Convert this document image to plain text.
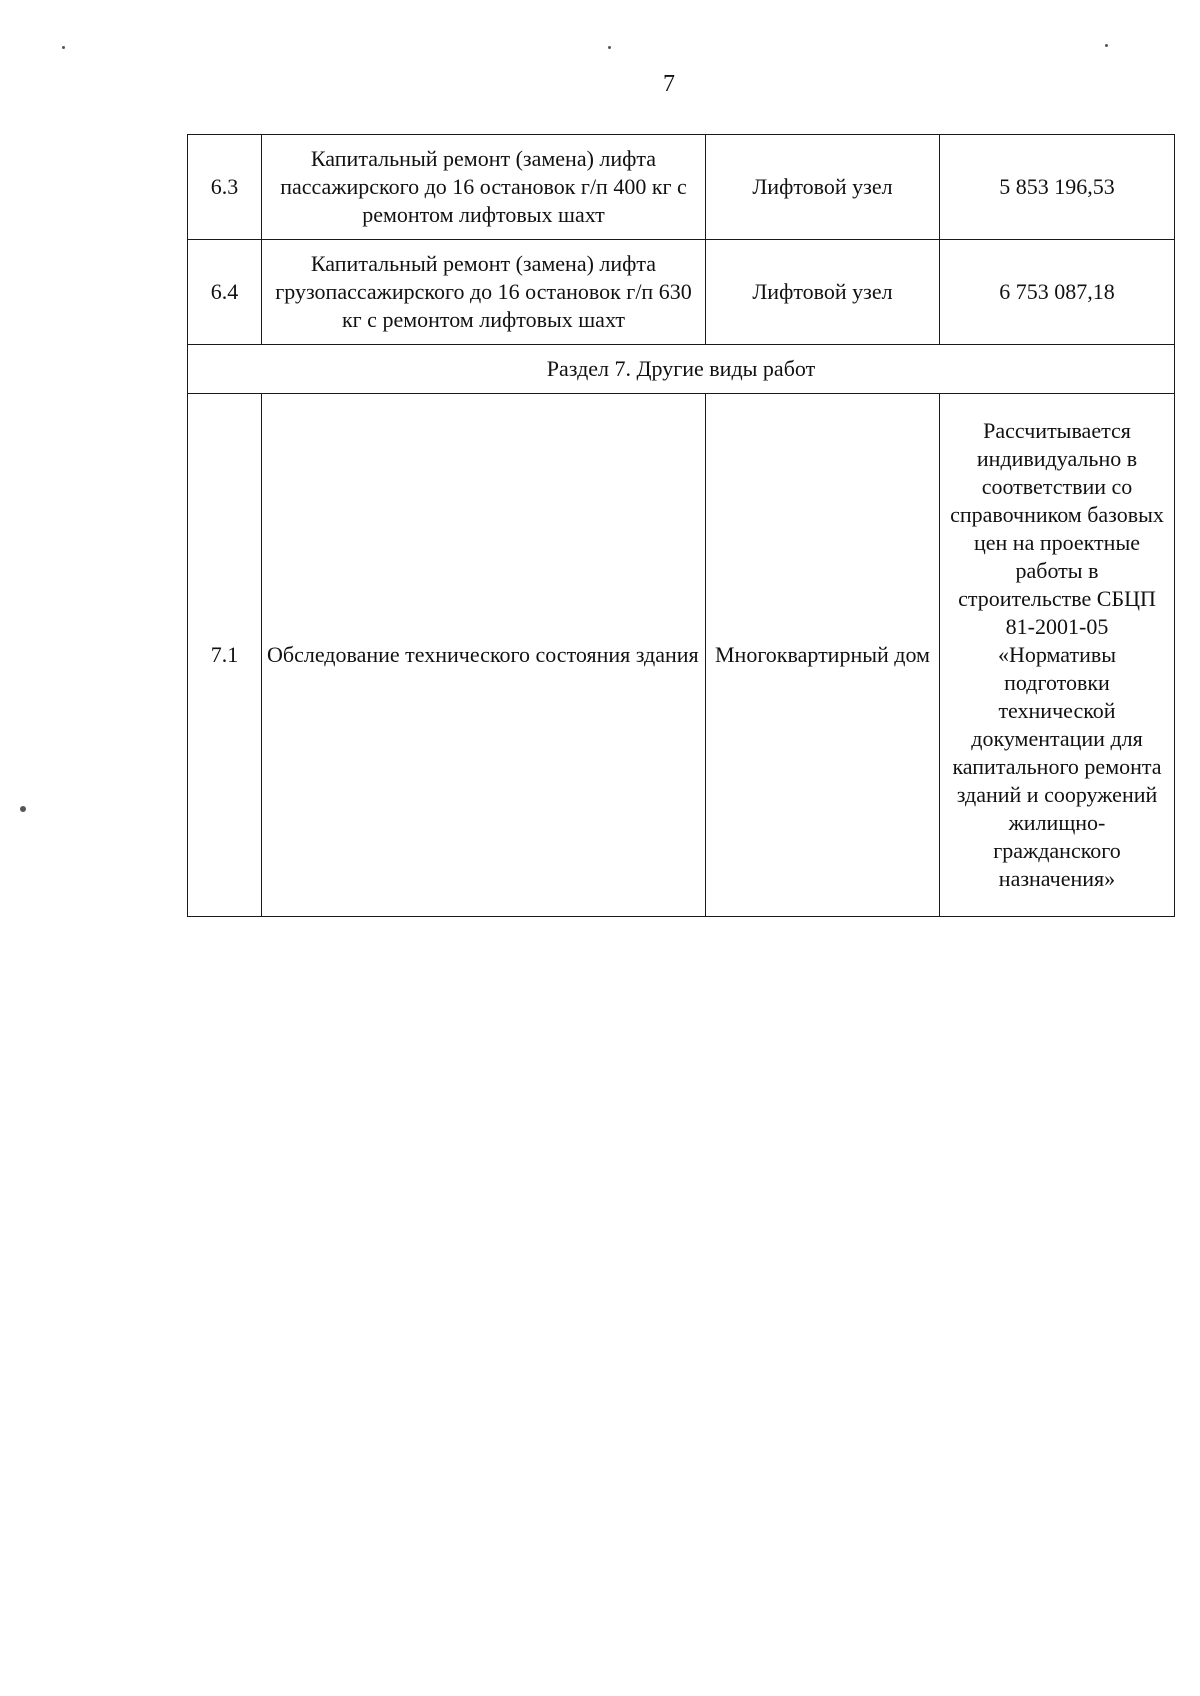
7
6.3	Капитальный ремонт (замена) лифта пассажирского до 16 остановок г/п 400 кг с ремонтом лифтовых шахт	Лифтовой узел	5 853 196,53
6.4	Капитальный ремонт (замена) лифта грузопассажирского до 16 остановок г/п 630 кг с ремонтом лифтовых шахт	Лифтовой узел	6 753 087,18
Раздел 7. Другие виды работ			
7.1	Обследование технического состояния здания	Многоквартирный дом	Рассчитывается индивидуально в соответствии со справочником базовых цен на проектные работы в строительстве СБЦП 81-2001-05 «Нормативы подготовки технической документации для капитального ремонта зданий и сооружений жилищно-гражданского назначения»
